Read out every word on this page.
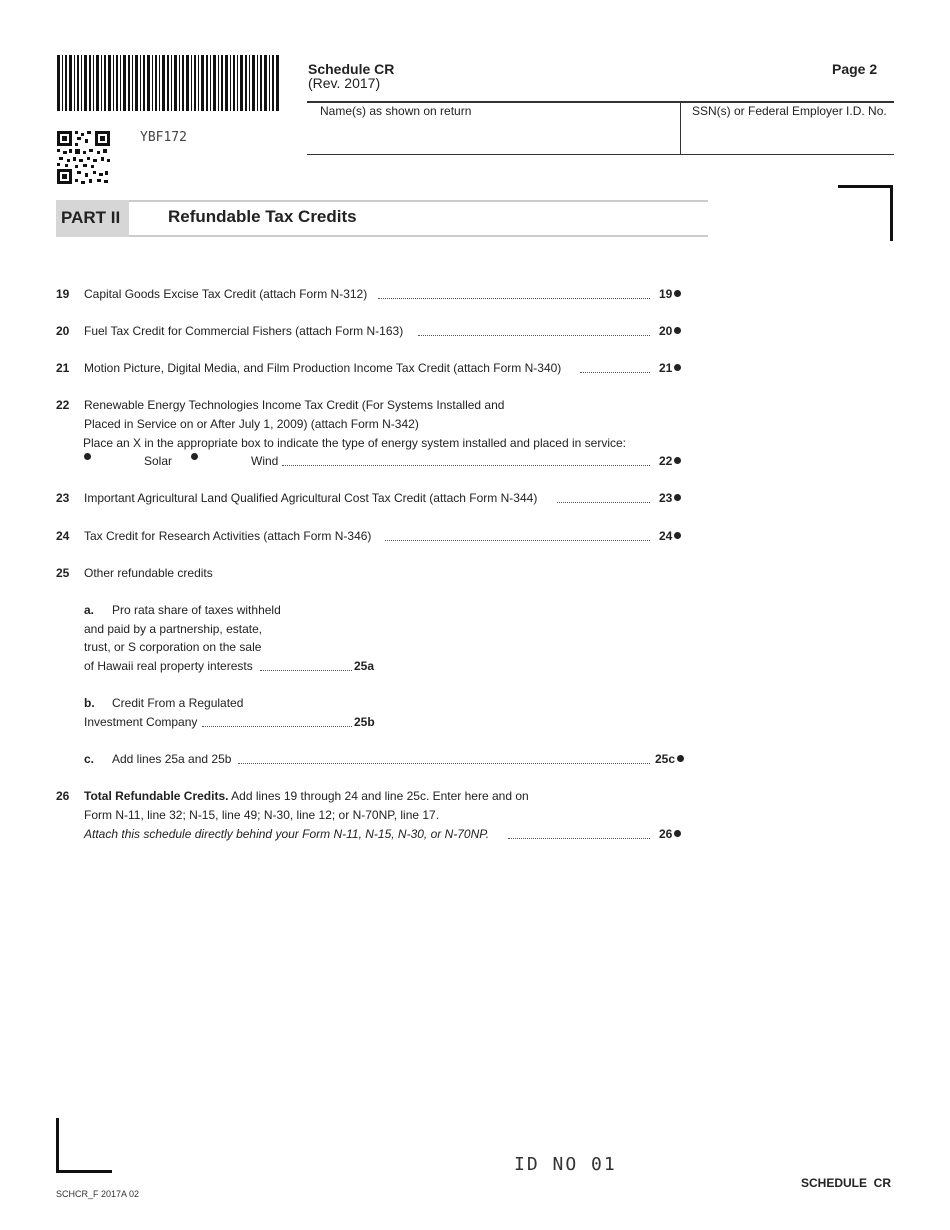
YBF172
Schedule CR
(Rev. 2017)
Page 2
Name(s) as shown on return	SSN(s) or Federal Employer I.D. No.
PART II	Refundable Tax Credits
19 Capital Goods Excise Tax Credit (attach Form N-312)	19
20 Fuel Tax Credit for Commercial Fishers (attach Form N-163)	20
21 Motion Picture, Digital Media, and Film Production Income Tax Credit (attach Form N-340)	21
22 Renewable Energy Technologies Income Tax Credit (For Systems Installed and
Placed in Service on or After July 1, 2009) (attach Form N-342)
Place an X in the appropriate box to indicate the type of energy system installed and placed in service:
Solar	Wind	22
23 Important Agricultural Land Qualified Agricultural Cost Tax Credit (attach Form N-344)	23
24 Tax Credit for Research Activities (attach Form N-346)	24
25 Other refundable credits
a. Pro rata share of taxes withheld
and paid by a partnership, estate,
trust, or S corporation on the sale
of Hawaii real property interests	25a
b. Credit From a Regulated
Investment Company	25b
c. Add lines 25a and 25b	25c
26 Total Refundable Credits. Add lines 19 through 24 and line 25c. Enter here and on
Form N-11, line 32; N-15, line 49; N-30, line 12; or N-70NP, line 17.
Attach this schedule directly behind your Form N-11, N-15, N-30, or N-70NP.	26
ID NO 01
SCHCR_F 2017A 02
SCHEDULE  CR
